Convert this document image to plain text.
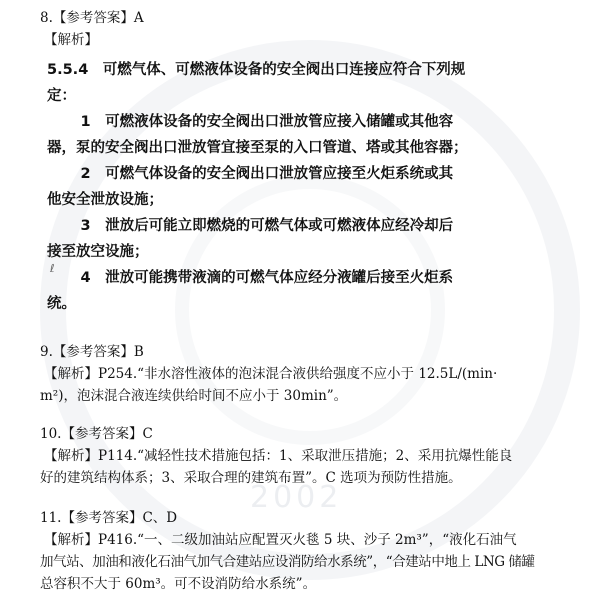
2002
8.【参考答案】A
【解析】
5.5.4　可燃气体、可燃液体设备的安全阀出口连接应符合下列规
定：
　1　可燃液体设备的安全阀出口泄放管应接入储罐或其他容
器，泵的安全阀出口泄放管宜接至泵的入口管道、塔或其他容器；
　2　可燃气体设备的安全阀出口泄放管应接至火炬系统或其
他安全泄放设施；
　3　泄放后可能立即燃烧的可燃气体或可燃液体应经冷却后
接至放空设施；
ℓ
　4　泄放可能携带液滴的可燃气体应经分液罐后接至火炬系
统。
9.【参考答案】B
【解析】P254.“非水溶性液体的泡沫混合液供给强度不应小于 12.5L/(min·
m²)，泡沫混合液连续供给时间不应小于 30min”。
10.【参考答案】C
【解析】P114.“减轻性技术措施包括：1、采取泄压措施；2、采用抗爆性能良
好的建筑结构体系；3、采取合理的建筑布置”。C 选项为预防性措施。
11.【参考答案】C、D
【解析】P416.“一、二级加油站应配置灭火毯 5 块、沙子 2m³”，“液化石油气
加气站、加油和液化石油气加气合建站应设消防给水系统”，“合建站中地上 LNG 储罐
总容积不大于 60m³。可不设消防给水系统”。
